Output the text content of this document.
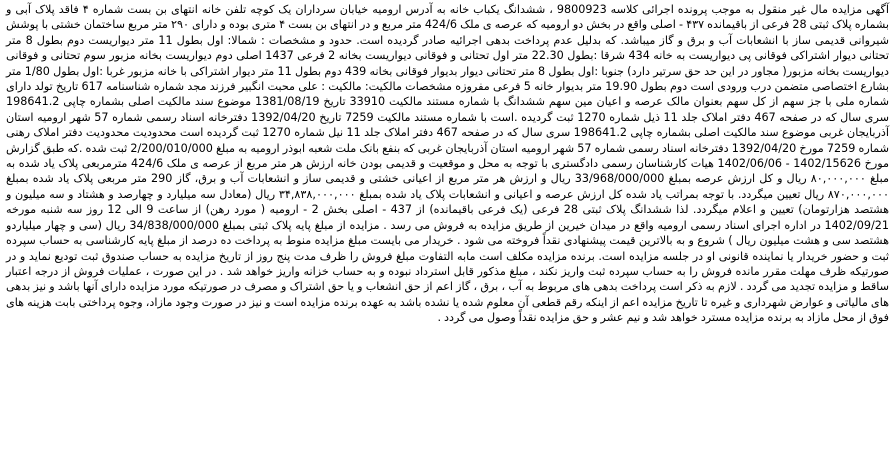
آگهی مزایده مال غیر منقول به موجب پرونده اجرائی کلاسه 9800923 ، ششدانگ یکباب خانه به آدرس ارومیه خیابان سرداران یک کوچه تلفن خانه انتهای بن بست شماره ۴ فاقد پلاک آبی و بشماره پلاک ثبتی 28 فرعی از باقیمانده ۴۳۷ - اصلی واقع در بخش دو ارومیه که عرصه ی ملک 424/6 متر مربع و در انتهای بن بست ۴ متری بوده و دارای ۲۹۰ متر مربع ساختمان خشتی با پوشش شیروانی قدیمی ساز با انشعابات آب و برق و گاز میباشد. که بدلیل عدم پرداخت بدهی اجرائیه صادر گردیده است. حدود و مشخصات : شمالا: اول بطول 11 متر دیواریست دوم بطول 8 متر تحتانی دیوار اشتراکی فوقانی پی دیواریست به خانه 434 شرقا :بطول 22.30 متر اول تحتانی و فوقانی دیواریست بخانه 2 فرعی 1437 اصلی دوم دیواریست بخانه مزبور سوم تحتانی و فوقانی دیواریست بخانه مزبور( مجاور در این حد حق سرتیر دارد) جنوبا :اول بطول 8 متر تحتانی دیوار بدیوار فوقانی بخانه 439 دوم بطول 11 متر دیوار اشتراکی با خانه مزبور غربا :اول بطول 1/80 متر بشارع اختصاصی متضمن درب ورودی است دوم بطول 19.90 متر بدیوار خانه 5 فرعی مفروزه مشخصات مالکیت: مالکیت : علی محبت انگبیر فرزند مجد شماره شناسنامه 617 تاریخ تولد دارای شماره ملی با جز سهم از کل سهم بعنوان مالک عرصه و اعیان مین سهم ششدانگ با شماره مستند مالکیت 33910 تاریخ 1381/08/19 موضوع سند مالکیت اصلی بشماره چاپی 198641.2 سری سال که در صفحه 467 دفتر املاک جلد 11 ذیل شماره 1270 ثبت گردیده .است با شماره مستند مالکیت 7259 تاریخ 1392/04/20 دفترخانه اسناد رسمی شماره 57 شهر ارومیه استان آذربایجان غربی موضوع سند مالکیت اصلی بشماره چاپی 198641.2 سری سال که در صفحه 467 دفتر املاک جلد 11 نیل شماره 1270 ثبت گردیده است محدودیت محدودیت دفتر املاک رهنی شماره 7259 مورخ 1392/04/20 دفترخانه اسناد رسمی شماره 57 شهر ارومیه استان آذربایجان غربی که بنفع بانک ملت شعبه ابوذر ارومیه به مبلغ 2/200/010/000 ثبت شده .که طبق گزارش مورخ 1402/15626 - 1402/06/06 هیات کارشناسان رسمی دادگستری با توجه به محل و موقعیت و قدیمی بودن خانه ارزش هر متر مربع از عرصه ی ملک 424/6 مترمربعی پلاک یاد شده به مبلغ ۸۰,۰۰۰,۰۰۰ ریال و کل ارزش عرصه بمبلغ 33/968/000/000 ریال و ارزش هر متر مربع از اعیانی خشتی و قدیمی ساز و انشعابات آب و برق، گاز 290 متر مربعی پلاک یاد شده بمبلغ ۸۷۰,۰۰۰,۰۰۰ ریال تعیین میگردد. با توجه بمراتب یاد شده کل ارزش عرصه و اعیانی و انشعابات پلاک یاد شده بمبلغ ۳۴,۸۳۸,۰۰۰,۰۰۰ ریال (معادل سه میلیارد و چهارصد و هشتاد و سه میلیون و هشتصد هزارتومان) تعیین و اعلام میگردد. لذا ششدانگ پلاک ثبتی 28 فرعی (یک فرعی باقیمانده) از 437 - اصلی بخش 2 - ارومیه ( مورد رهن) از ساعت 9 الی 12 روز سه شنبه مورخه 1402/09/21 در اداره اجرای اسناد رسمی ارومیه واقع در میدان خیرین از طریق مزایده به فروش می رسد . مزایده از مبلغ پایه پلاک ثبتی بمبلغ 34/838/000/000 ریال (سی و چهار میلیاردو هشتصد سی و هشت میلیون ریال ) شروع و به بالاترین قیمت پیشنهادی نقداً فروخته می شود . خریدار می بایست مبلغ مزایده منوط به پرداخت ده درصد از مبلغ پایه کارشناسی به حساب سپرده ثبت و حضور خریدار یا نماینده قانونی او در جلسه مزایده است. برنده مزایده مکلف است مابه التفاوت مبلغ فروش را ظرف مدت پنج روز از تاریخ مزایده به حساب صندوق ثبت تودیع نماید و در صورتیکه ظرف مهلت مقرر مانده فروش را به حساب سپرده ثبت واریز نکند ، مبلغ مذکور قابل استرداد نبوده و به حساب خزانه واریز خواهد شد . در این صورت ، عملیات فروش از درجه اعتبار ساقط و مزایده تجدید می گردد . لازم به ذکر است پرداخت بدهی های مربوط به آب ، برق ، گاز اعم از حق انشعاب و یا حق اشتراک و مصرف در صورتیکه مورد مزایده دارای آنها باشد و نیز بدهی های مالیاتی و عوارض شهرداری و غیره تا تاریخ مزایده اعم از اینکه رقم قطعی آن معلوم شده یا نشده باشد به عهده برنده مزایده است و نیز در صورت وجود مازاد، وجوه پرداختی بابت هزینه های فوق از محل مازاد به برنده مزایده مسترد خواهد شد و نیم عشر و حق مزایده نقداً وصول می گردد .
